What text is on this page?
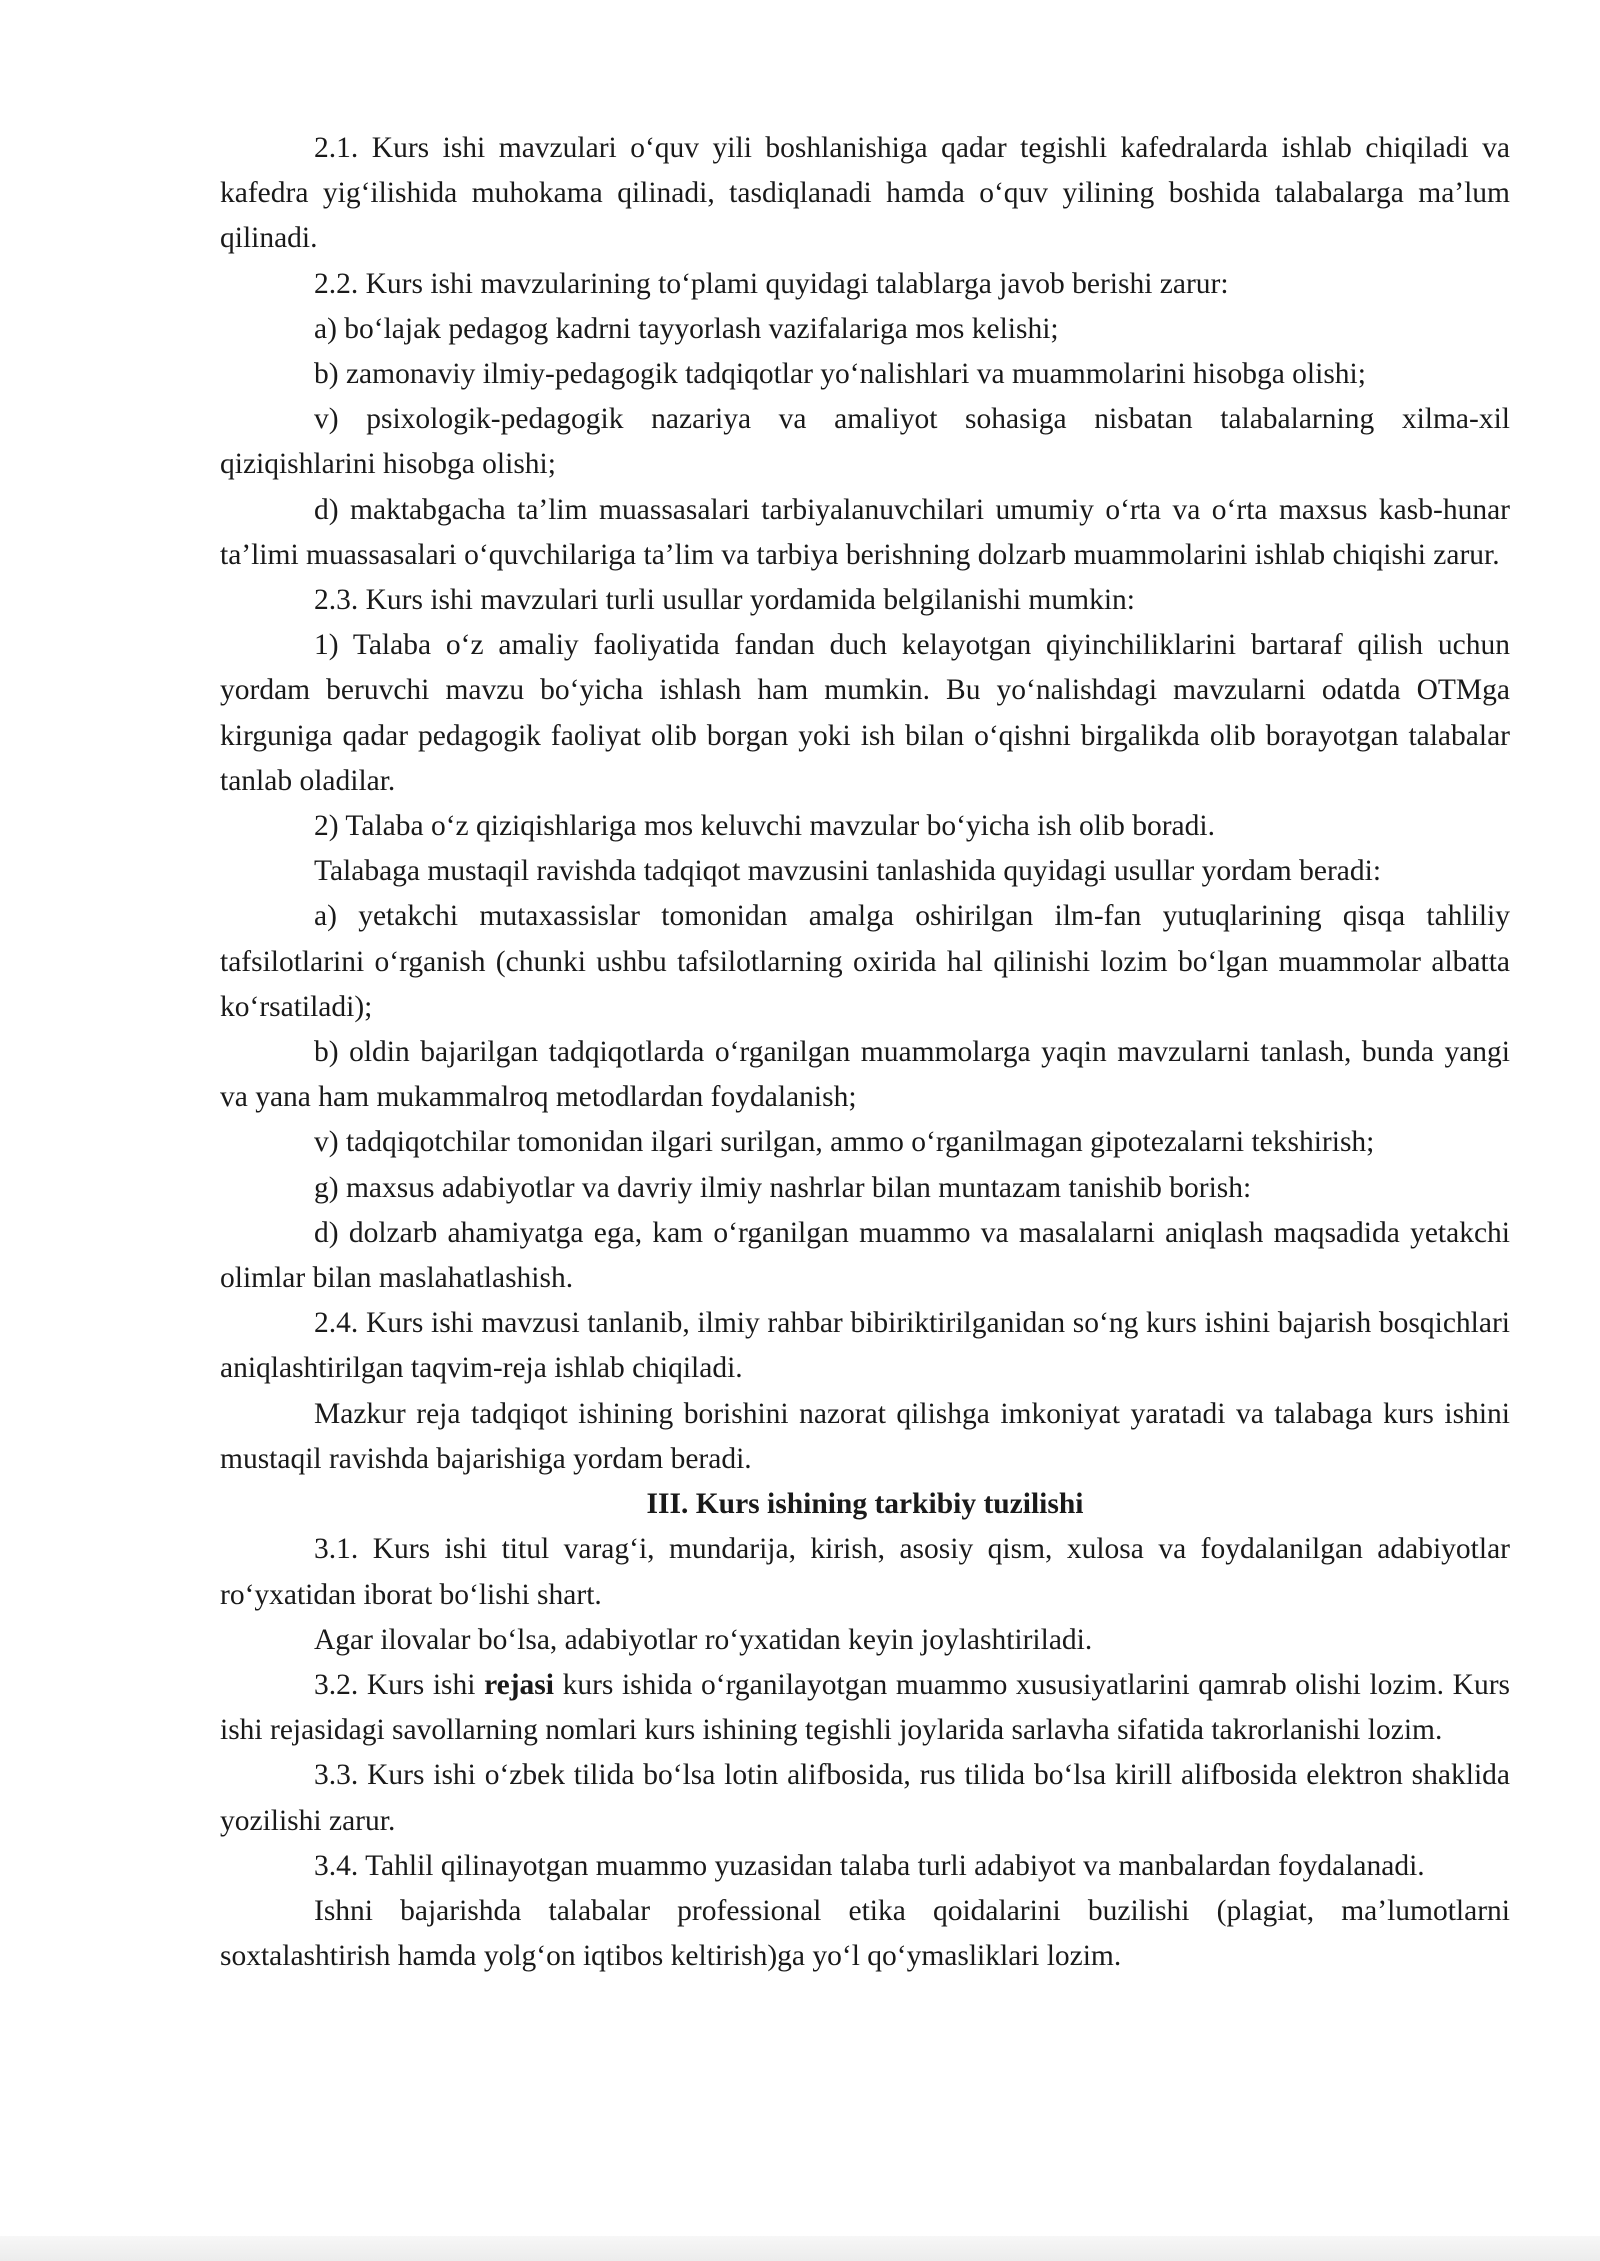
2.1. Kurs ishi mavzulari o‘quv yili boshlanishiga qadar tegishli kafedralarda ishlab chiqiladi va kafedra yig‘ilishida muhokama qilinadi, tasdiqlanadi hamda o‘quv yilining boshida talabalarga ma’lum qilinadi.

2.2. Kurs ishi mavzularining to‘plami quyidagi talablarga javob berishi zarur:

a) bo‘lajak pedagog kadrni tayyorlash vazifalariga mos kelishi;

b) zamonaviy ilmiy-pedagogik tadqiqotlar yo‘nalishlari va muammolarini hisobga olishi;

v) psixologik-pedagogik nazariya va amaliyot sohasiga nisbatan talabalarning xilma-xil qiziqishlarini hisobga olishi;

d) maktabgacha ta’lim muassasalari tarbiyalanuvchilari umumiy o‘rta va o‘rta maxsus kasb-hunar ta’limi muassasalari o‘quvchilariga ta’lim va tarbiya berishning dolzarb muammolarini ishlab chiqishi zarur.

2.3. Kurs ishi mavzulari turli usullar yordamida belgilanishi mumkin:

1) Talaba o‘z amaliy faoliyatida fandan duch kelayotgan qiyinchiliklarini bartaraf qilish uchun yordam beruvchi mavzu bo‘yicha ishlash ham mumkin. Bu yo‘nalishdagi mavzularni odatda OTMga kirguniga qadar pedagogik faoliyat olib borgan yoki ish bilan o‘qishni birgalikda olib borayotgan talabalar tanlab oladilar.

2) Talaba o‘z qiziqishlariga mos keluvchi mavzular bo‘yicha ish olib boradi.

Talabaga mustaqil ravishda tadqiqot mavzusini tanlashida quyidagi usullar yordam beradi:

a) yetakchi mutaxassislar tomonidan amalga oshirilgan ilm-fan yutuqlarining qisqa tahliliy tafsilotlarini o‘rganish (chunki ushbu tafsilotlarning oxirida hal qilinishi lozim bo‘lgan muammolar albatta ko‘rsatiladi);

b) oldin bajarilgan tadqiqotlarda o‘rganilgan muammolarga yaqin mavzularni tanlash, bunda yangi va yana ham mukammalroq metodlardan foydalanish;

v) tadqiqotchilar tomonidan ilgari surilgan, ammo o‘rganilmagan gipotezalarni tekshirish;

g) maxsus adabiyotlar va davriy ilmiy nashrlar bilan muntazam tanishib borish:

d) dolzarb ahamiyatga ega, kam o‘rganilgan muammo va masalalarni aniqlash maqsadida yetakchi olimlar bilan maslahatlashish.

2.4. Kurs ishi mavzusi tanlanib, ilmiy rahbar bibiriktirilganidan so‘ng kurs ishini bajarish bosqichlari aniqlashtirilgan taqvim-reja ishlab chiqiladi.

Mazkur reja tadqiqot ishining borishini nazorat qilishga imkoniyat yaratadi va talabaga kurs ishini mustaqil ravishda bajarishiga yordam beradi.

III. Kurs ishining tarkibiy tuzilishi

3.1. Kurs ishi titul varag‘i, mundarija, kirish, asosiy qism, xulosa va foydalanilgan adabiyotlar ro‘yxatidan iborat bo‘lishi shart.

Agar ilovalar bo‘lsa, adabiyotlar ro‘yxatidan keyin joylashtiriladi.

3.2. Kurs ishi rejasi kurs ishida o‘rganilayotgan muammo xususiyatlarini qamrab olishi lozim. Kurs ishi rejasidagi savollarning nomlari kurs ishining tegishli joylarida sarlavha sifatida takrorlanishi lozim.

3.3. Kurs ishi o‘zbek tilida bo‘lsa lotin alifbosida, rus tilida bo‘lsa kirill alifbosida elektron shaklida yozilishi zarur.

3.4. Tahlil qilinayotgan muammo yuzasidan talaba turli adabiyot va manbalardan foydalanadi.

Ishni bajarishda talabalar professional etika qoidalarini buzilishi (plagiat, ma’lumotlarni soxtalashtirish hamda yolg‘on iqtibos keltirish)ga yo‘l qo‘ymasliklari lozim.
